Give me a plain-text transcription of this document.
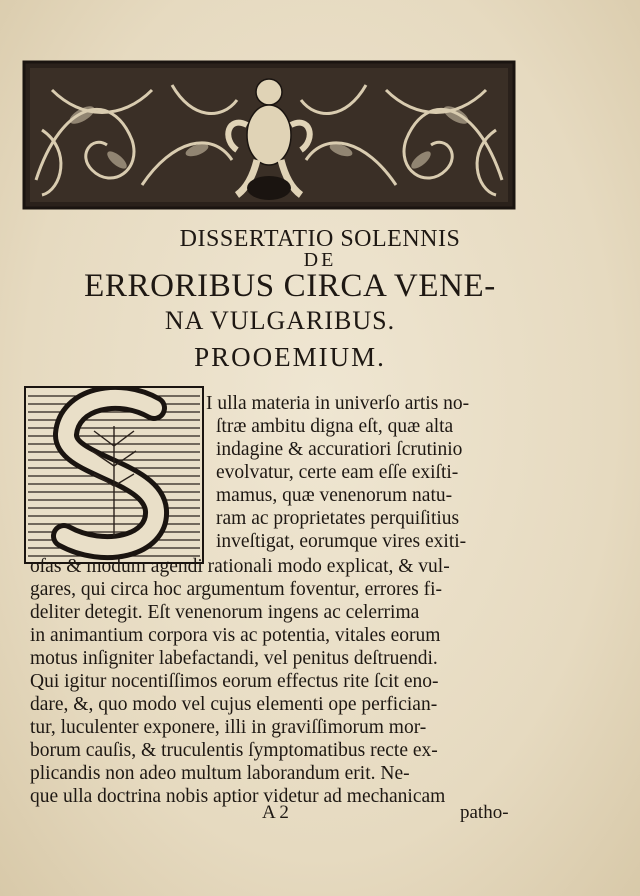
DISSERTATIO SOLENNIS
DE
ERRORIBUS CIRCA VENE-
NA VULGARIBUS.
PROOEMIUM.
I ulla materia in univerſo artis no-
ſtræ ambitu digna eſt, quæ alta
indagine & accuratiori ſcrutinio
evolvatur, certe eam eſſe exiſti-
mamus, quæ venenorum natu-
ram ac proprietates perquiſitius
inveſtigat, eorumque vires exiti-
oſas & modum agendi rationali modo explicat, & vul-
gares, qui circa hoc argumentum foventur, errores fi-
deliter detegit. Eſt venenorum ingens ac celerrima
in animantium corpora vis ac potentia, vitales eorum
motus inſigniter labefactandi, vel penitus deſtruendi.
Qui igitur nocentiſſimos eorum effectus rite ſcit eno-
dare, &, quo modo vel cujus elementi ope perfician-
tur, luculenter exponere, illi in graviſſimorum mor-
borum cauſis, & truculentis ſymptomatibus recte ex-
plicandis non adeo multum laborandum erit. Ne-
que ulla doctrina nobis aptior videtur ad mechanicam
A 2	patho-
